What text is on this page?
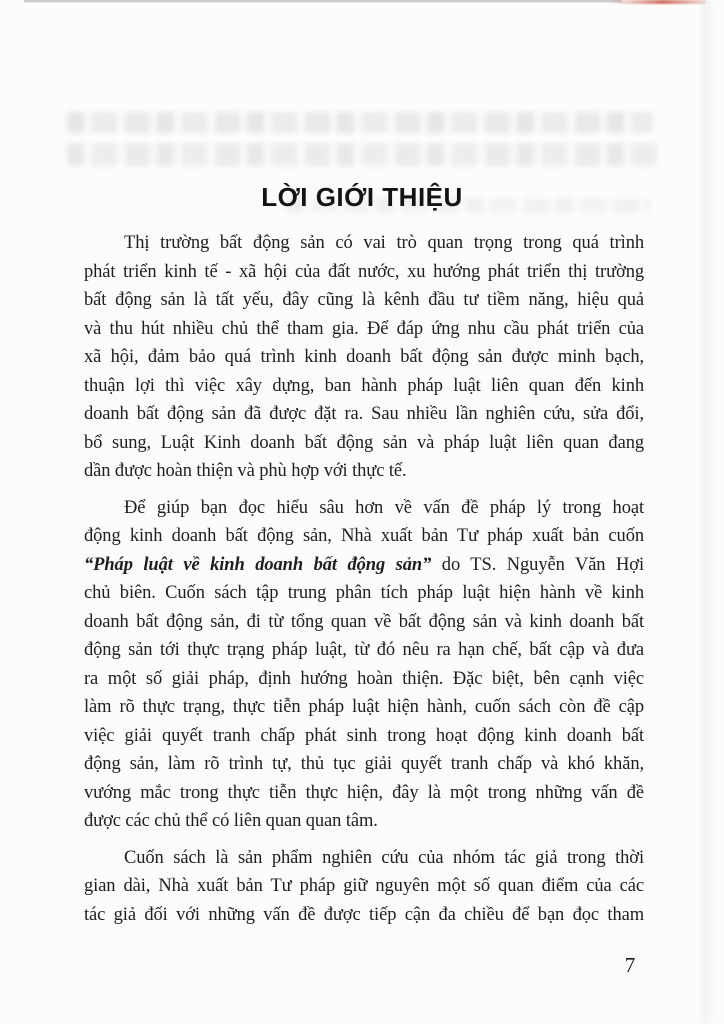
LỜI GIỚI THIỆU
Thị trường bất động sản có vai trò quan trọng trong quá trình
phát triển kinh tế - xã hội của đất nước, xu hướng phát triển thị trường
bất động sản là tất yếu, đây cũng là kênh đầu tư tiềm năng, hiệu quả
và thu hút nhiều chủ thể tham gia. Để đáp ứng nhu cầu phát triển của
xã hội, đảm bảo quá trình kinh doanh bất động sản được minh bạch,
thuận lợi thì việc xây dựng, ban hành pháp luật liên quan đến kinh
doanh bất động sản đã được đặt ra. Sau nhiều lần nghiên cứu, sửa đổi,
bổ sung, Luật Kinh doanh bất động sản và pháp luật liên quan đang
dần được hoàn thiện và phù hợp với thực tế.
Để giúp bạn đọc hiểu sâu hơn về vấn đề pháp lý trong hoạt
động kinh doanh bất động sản, Nhà xuất bản Tư pháp xuất bản cuốn
“Pháp luật về kinh doanh bất động sản” do TS. Nguyễn Văn Hợi
chủ biên. Cuốn sách tập trung phân tích pháp luật hiện hành về kinh
doanh bất động sản, đi từ tổng quan về bất động sản và kinh doanh bất
động sản tới thực trạng pháp luật, từ đó nêu ra hạn chế, bất cập và đưa
ra một số giải pháp, định hướng hoàn thiện. Đặc biệt, bên cạnh việc
làm rõ thực trạng, thực tiễn pháp luật hiện hành, cuốn sách còn đề cập
việc giải quyết tranh chấp phát sinh trong hoạt động kinh doanh bất
động sản, làm rõ trình tự, thủ tục giải quyết tranh chấp và khó khăn,
vướng mắc trong thực tiễn thực hiện, đây là một trong những vấn đề
được các chủ thể có liên quan quan tâm.
Cuốn sách là sản phẩm nghiên cứu của nhóm tác giả trong thời
gian dài, Nhà xuất bản Tư pháp giữ nguyên một số quan điểm của các
tác giả đối với những vấn đề được tiếp cận đa chiều để bạn đọc tham
7
